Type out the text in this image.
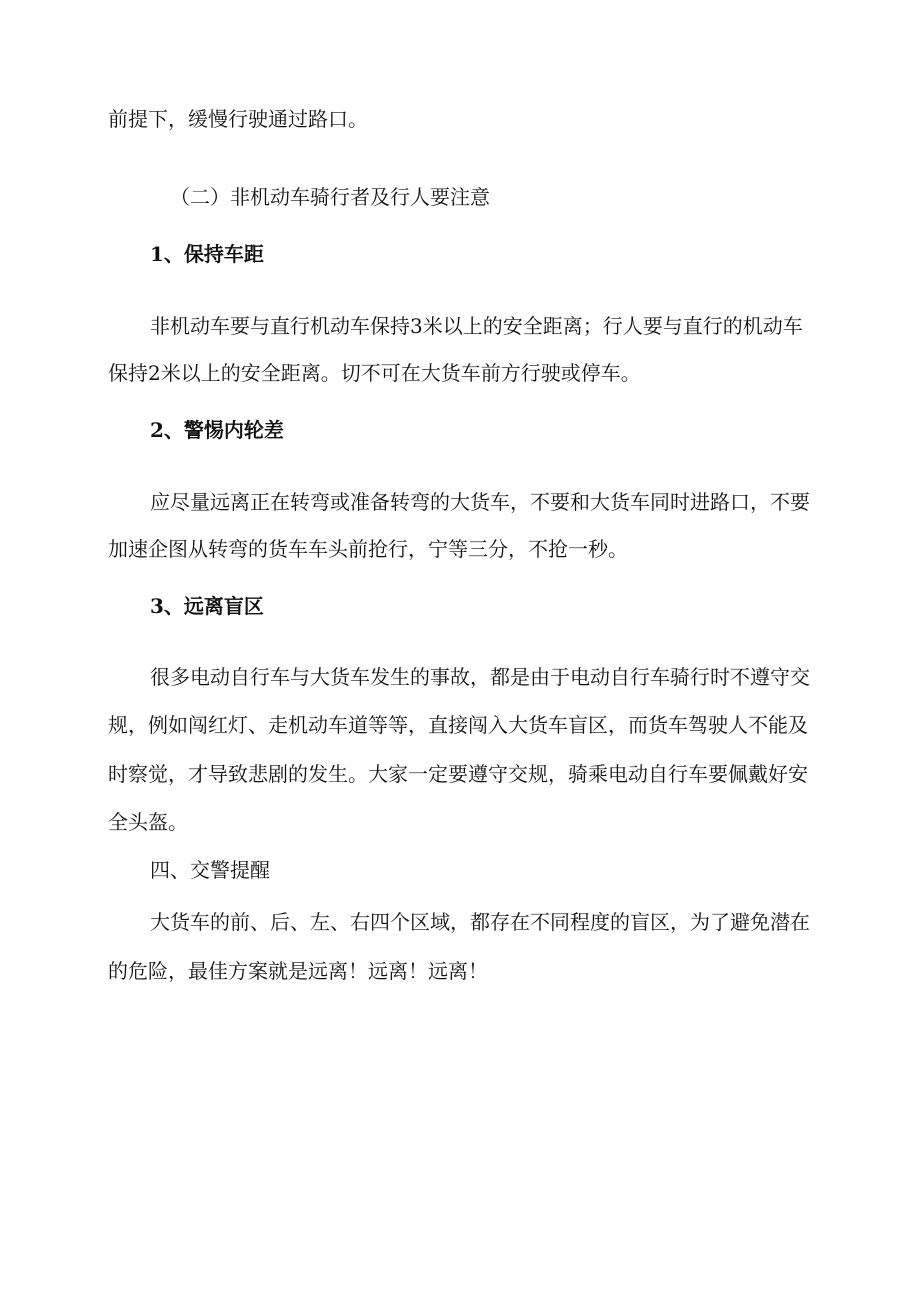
前提下，缓慢行驶通过路口。
（二）非机动车骑行者及行人要注意
1、保持车距
非机动车要与直行机动车保持3米以上的安全距离；行人要与直行的机动车
保持2米以上的安全距离。切不可在大货车前方行驶或停车。
2、警惕内轮差
应尽量远离正在转弯或准备转弯的大货车，不要和大货车同时进路口，不要
加速企图从转弯的货车车头前抢行，宁等三分，不抢一秒。
3、远离盲区
很多电动自行车与大货车发生的事故，都是由于电动自行车骑行时不遵守交
规，例如闯红灯、走机动车道等等，直接闯入大货车盲区，而货车驾驶人不能及
时察觉，才导致悲剧的发生。大家一定要遵守交规，骑乘电动自行车要佩戴好安
全头盔。
四、交警提醒
大货车的前、后、左、右四个区域，都存在不同程度的盲区，为了避免潜在
的危险，最佳方案就是远离！远离！远离！
